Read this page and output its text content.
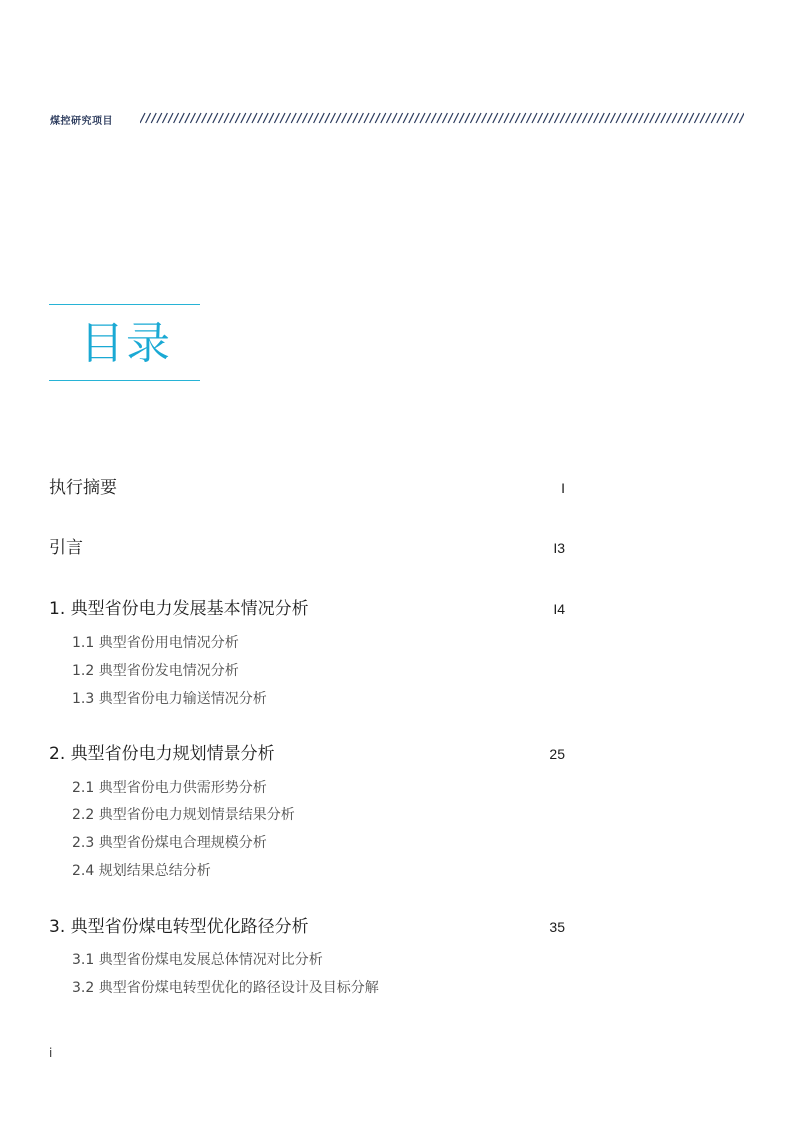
煤控研究项目
目录
执行摘要	I
引言	I3
1. 典型省份电力发展基本情况分析	I4
1.1 典型省份用电情况分析
1.2 典型省份发电情况分析
1.3 典型省份电力输送情况分析
2. 典型省份电力规划情景分析	25
2.1 典型省份电力供需形势分析
2.2 典型省份电力规划情景结果分析
2.3 典型省份煤电合理规模分析
2.4 规划结果总结分析
3. 典型省份煤电转型优化路径分析	35
3.1 典型省份煤电发展总体情况对比分析
3.2 典型省份煤电转型优化的路径设计及目标分解
i
